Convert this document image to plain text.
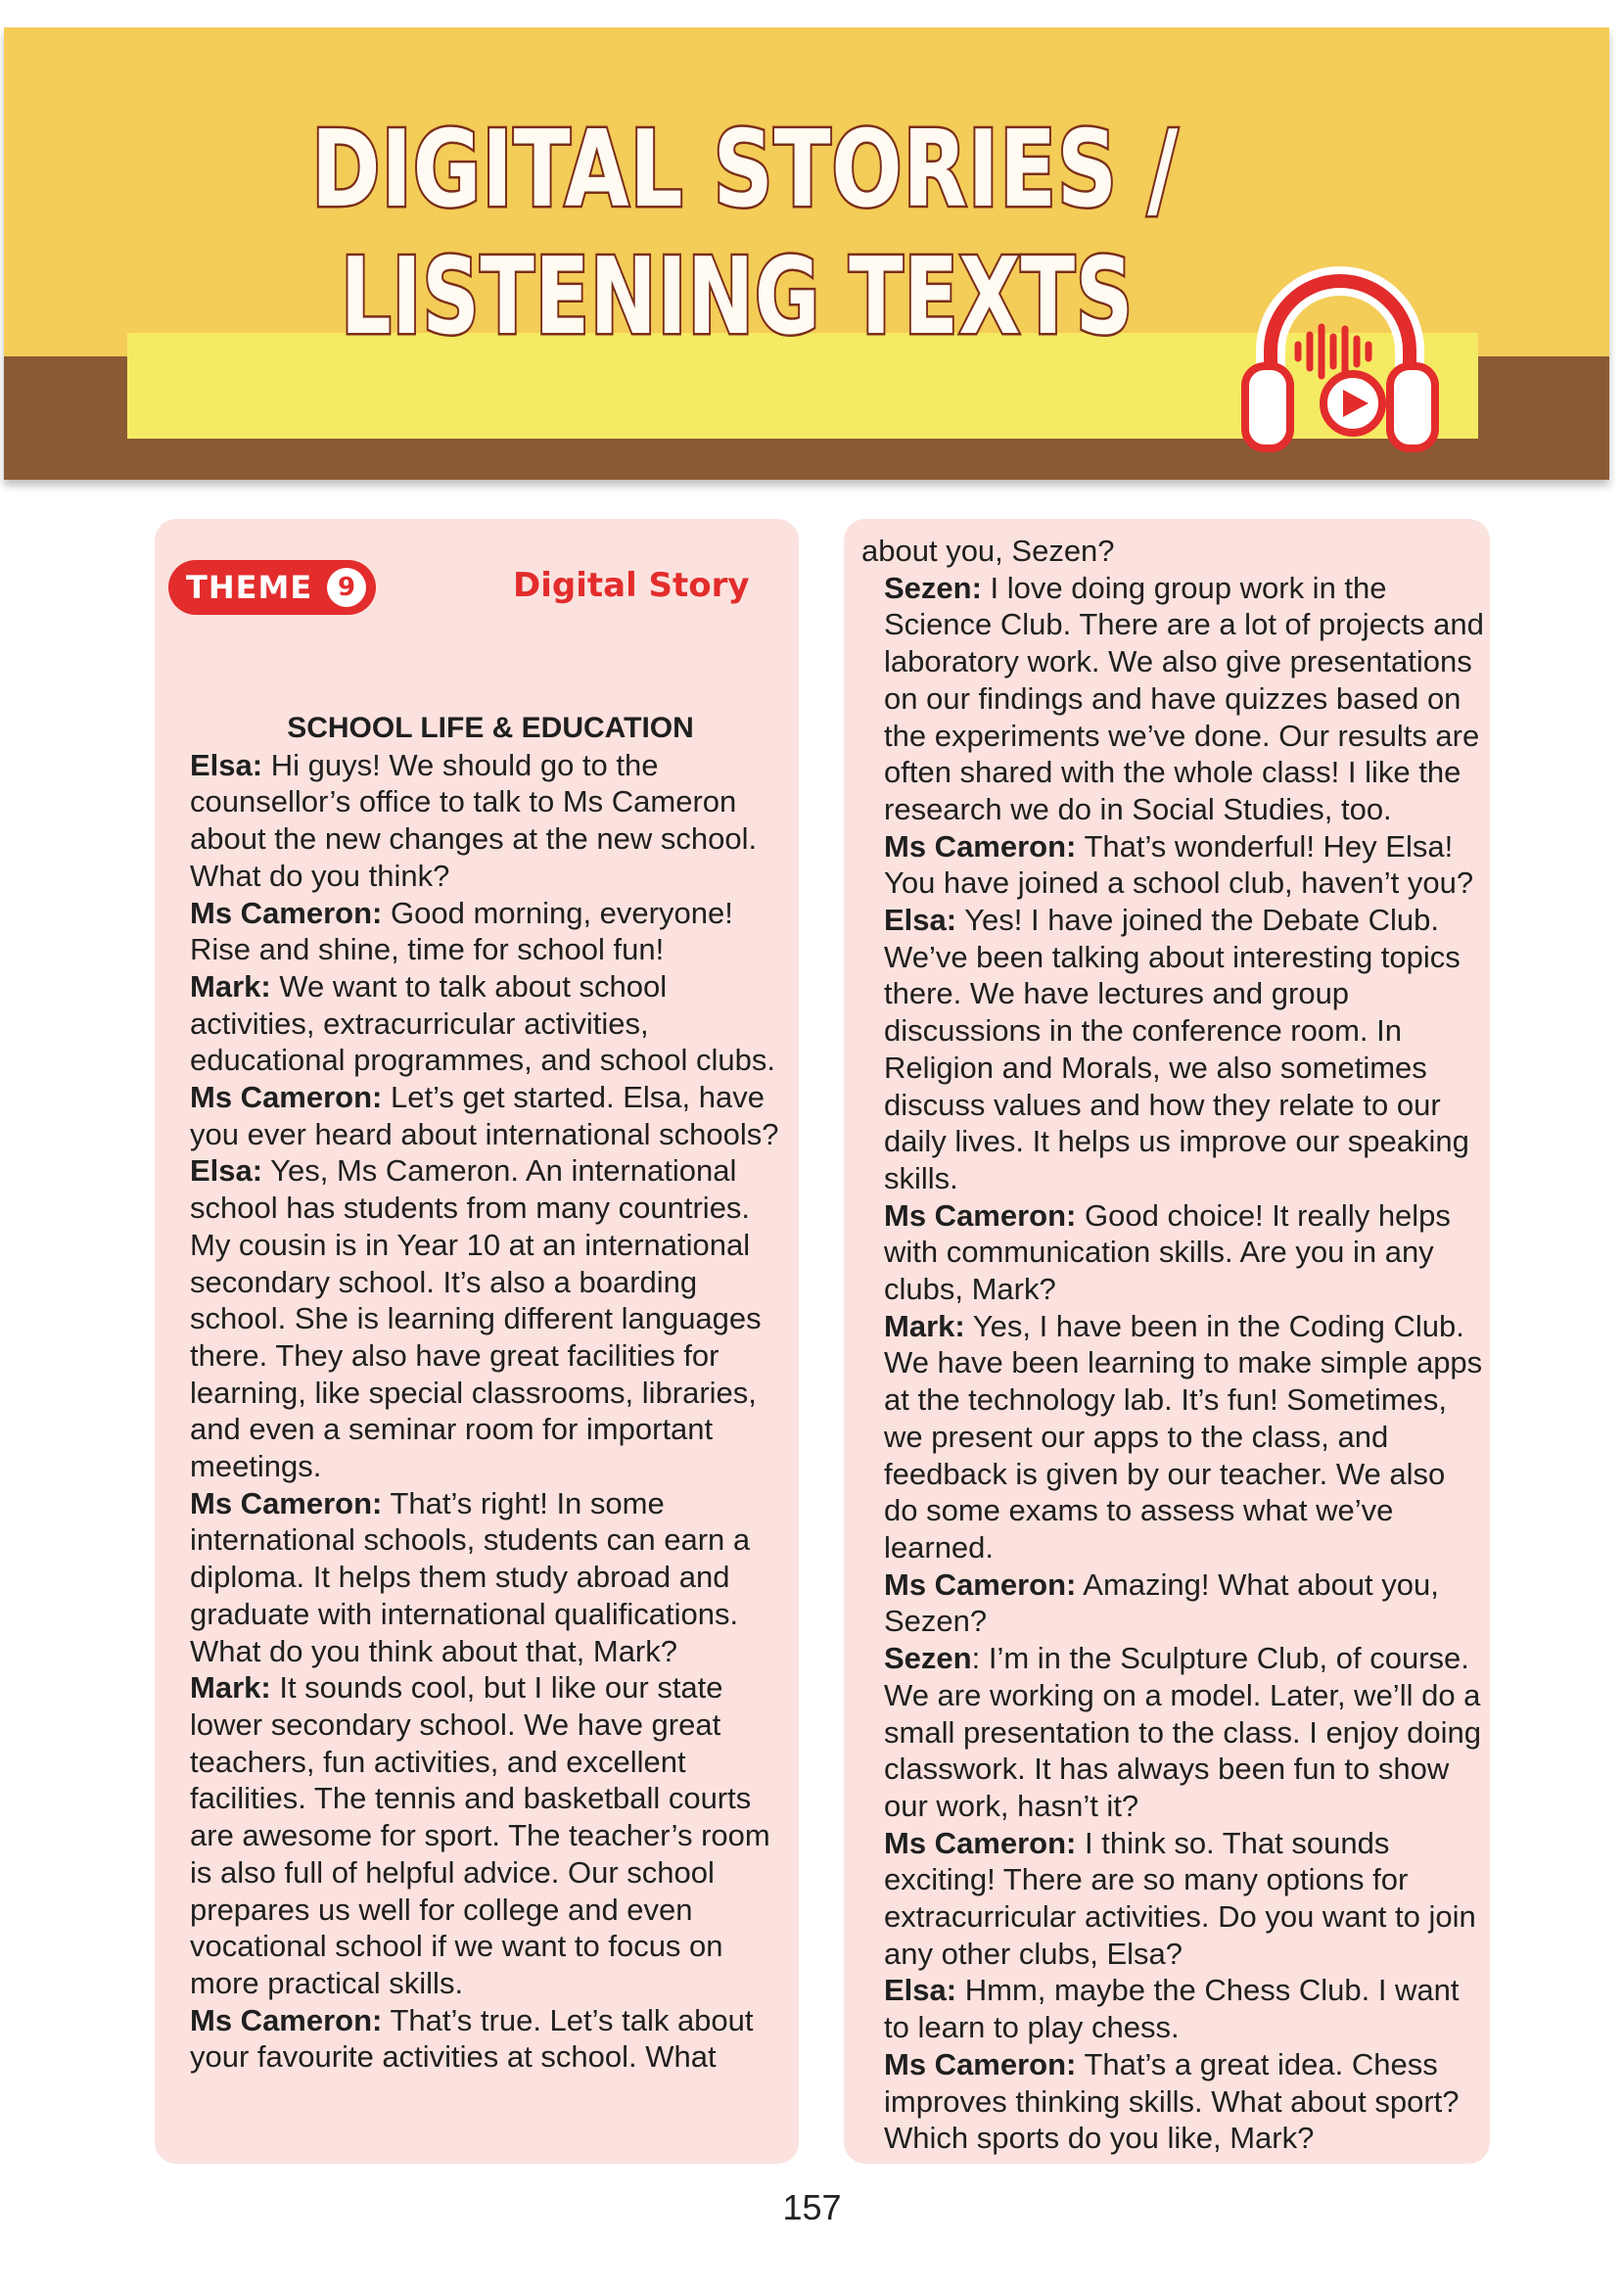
DIGITAL STORIES /
LISTENING TEXTS
THEME 9	Digital Story

SCHOOL LIFE & EDUCATION

Elsa: Hi guys! We should go to the counsellor’s office to talk to Ms Cameron about the new changes at the new school. What do you think?

Ms Cameron: Good morning, everyone! Rise and shine, time for school fun!

Mark: We want to talk about school activities, extracurricular activities, educational programmes, and school clubs.

Ms Cameron: Let’s get started. Elsa, have you ever heard about international schools?

Elsa: Yes, Ms Cameron. An international school has students from many countries. My cousin is in Year 10 at an international secondary school. It’s also a boarding school. She is learning different languages there. They also have great facilities for learning, like special classrooms, libraries, and even a seminar room for important meetings.

Ms Cameron: That’s right! In some international schools, students can earn a diploma. It helps them study abroad and graduate with international qualifications. What do you think about that, Mark?

Mark: It sounds cool, but I like our state lower secondary school. We have great teachers, fun activities, and excellent facilities. The tennis and basketball courts are awesome for sport. The teacher’s room is also full of helpful advice. Our school prepares us well for college and even vocational school if we want to focus on more practical skills.

Ms Cameron: That’s true. Let’s talk about your favourite activities at school. What

about you, Sezen?

Sezen: I love doing group work in the Science Club. There are a lot of projects and laboratory work. We also give presentations on our findings and have quizzes based on the experiments we’ve done. Our results are often shared with the whole class! I like the research we do in Social Studies, too.

Ms Cameron: That’s wonderful! Hey Elsa! You have joined a school club, haven’t you?

Elsa: Yes! I have joined the Debate Club. We’ve been talking about interesting topics there. We have lectures and group discussions in the conference room. In Religion and Morals, we also sometimes discuss values and how they relate to our daily lives. It helps us improve our speaking skills.

Ms Cameron: Good choice! It really helps with communication skills. Are you in any clubs, Mark?

Mark: Yes, I have been in the Coding Club. We have been learning to make simple apps at the technology lab. It’s fun! Sometimes, we present our apps to the class, and feedback is given by our teacher. We also do some exams to assess what we’ve learned.

Ms Cameron: Amazing! What about you, Sezen?

Sezen: I’m in the Sculpture Club, of course. We are working on a model. Later, we’ll do a small presentation to the class. I enjoy doing classwork. It has always been fun to show our work, hasn’t it?

Ms Cameron: I think so. That sounds exciting! There are so many options for extracurricular activities. Do you want to join any other clubs, Elsa?

Elsa: Hmm, maybe the Chess Club. I want to learn to play chess.

Ms Cameron: That’s a great idea. Chess improves thinking skills. What about sport? Which sports do you like, Mark?

157
